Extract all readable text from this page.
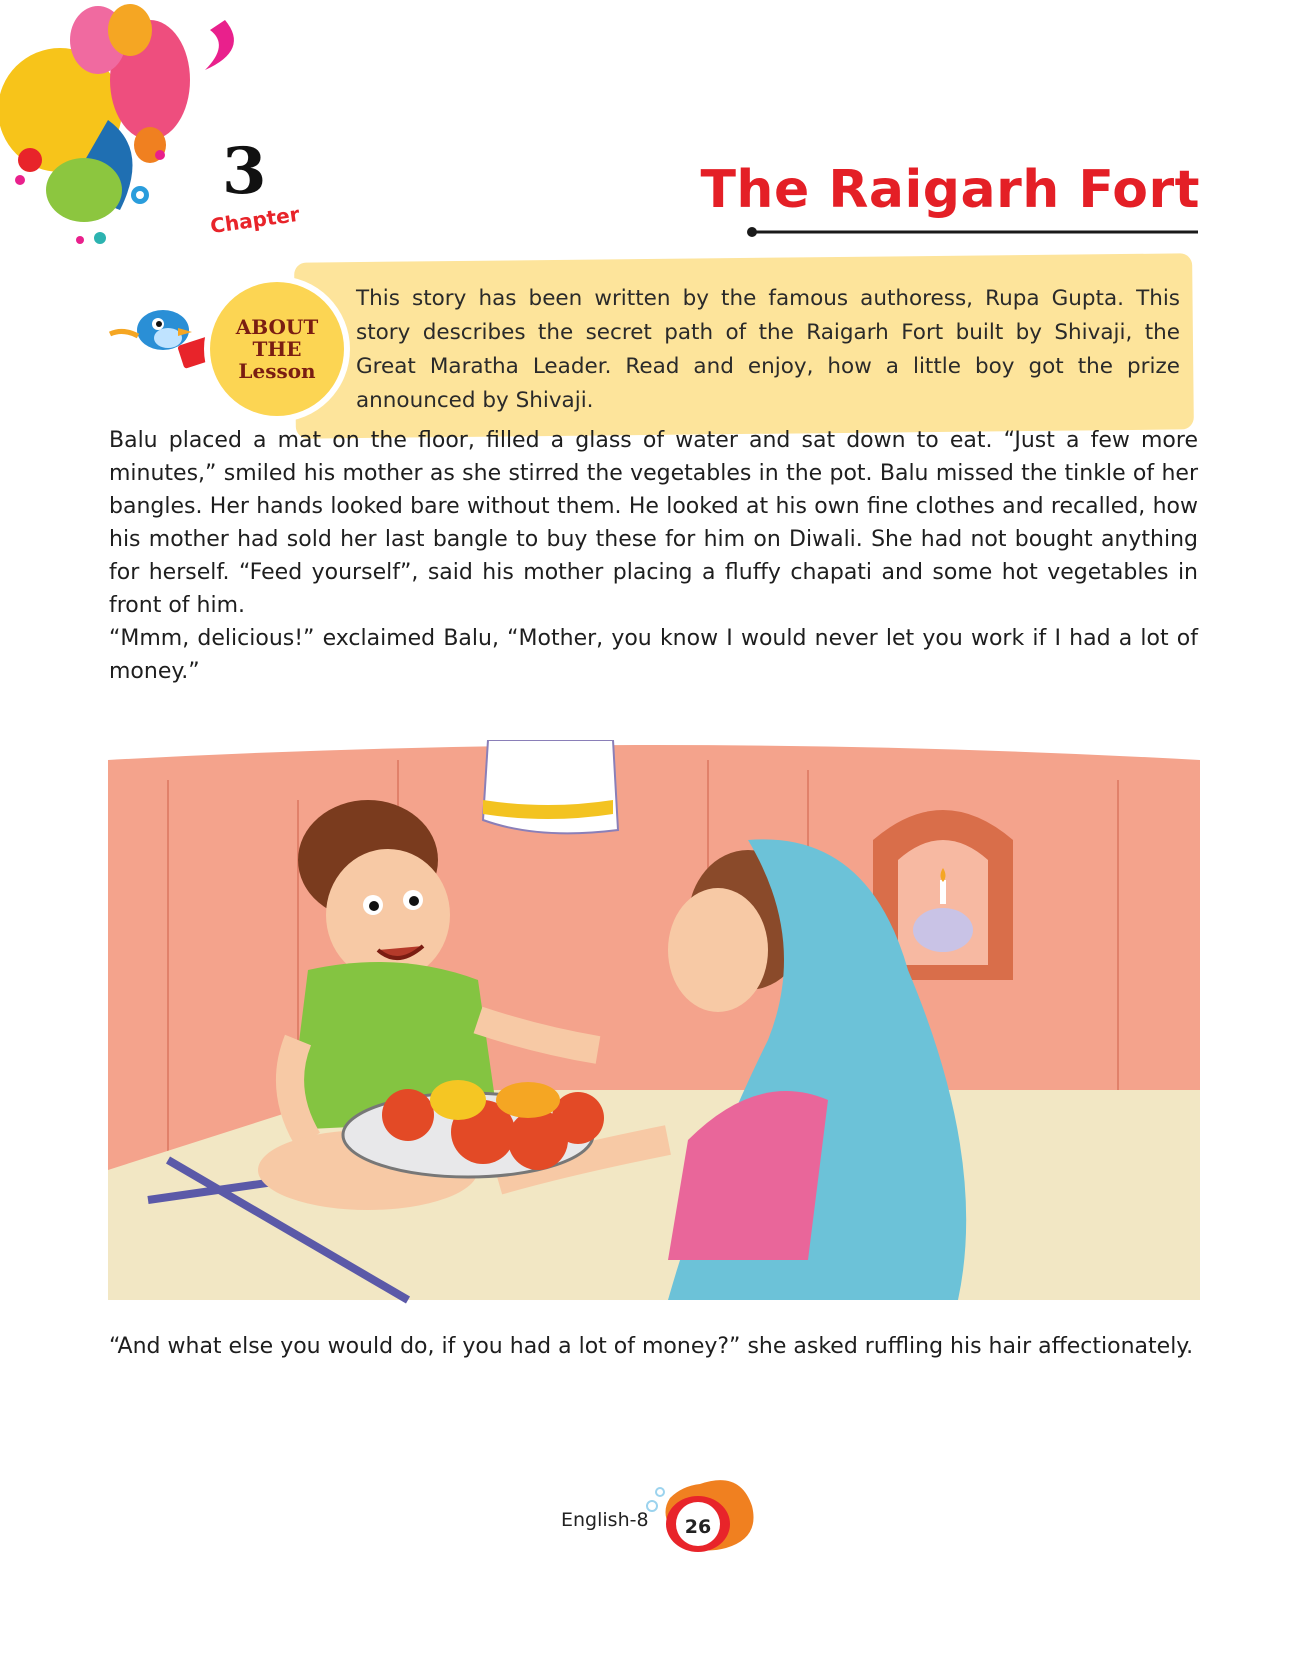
3
Chapter	The Raigarh Fort
ABOUT
THE
Lesson

This story has been written by the famous authoress, Rupa Gupta. This story describes the secret path of the Raigarh Fort built by Shivaji, the Great Maratha Leader. Read and enjoy, how a little boy got the prize announced by Shivaji.

Balu placed a mat on the floor, filled a glass of water and sat down to eat. “Just a few more minutes,” smiled his mother as she stirred the vegetables in the pot. Balu missed the tinkle of her bangles. Her hands looked bare without them. He looked at his own fine clothes and recalled, how his mother had sold her last bangle to buy these for him on Diwali. She had not bought anything for herself. “Feed yourself”, said his mother placing a fluffy chapati and some hot vegetables in front of him.

“Mmm, delicious!” exclaimed Balu, “Mother, you know I would never let you work if I had a lot of money.”

“And what else you would do, if you had a lot of money?” she asked ruffling his hair affectionately.

English-8	26
